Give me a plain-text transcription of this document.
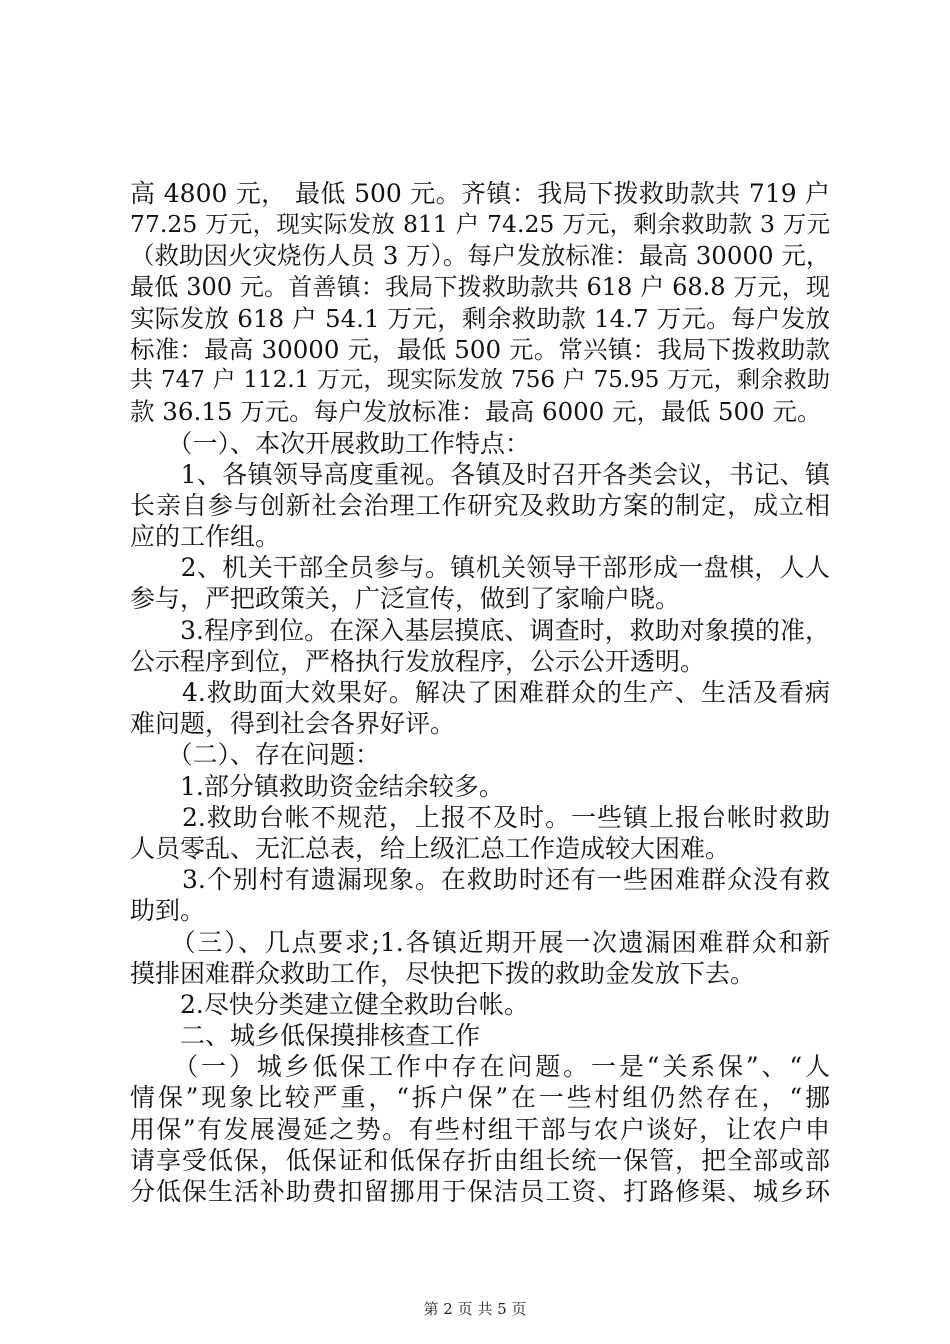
高 4800 元， 最低 500 元。齐镇：我局下拨救助款共 719 户
77.25 万元，现实际发放 811 户 74.25 万元，剩余救助款 3 万元
（救助因火灾烧伤人员 3 万）。每户发放标准：最高 30000 元，
最低 300 元。首善镇：我局下拨救助款共 618 户 68.8 万元，现
实际发放 618 户 54.1 万元，剩余救助款 14.7 万元。每户发放
标准：最高 30000 元，最低 500 元。常兴镇：我局下拨救助款
共 747 户 112.1 万元，现实际发放 756 户 75.95 万元，剩余救助
款 36.15 万元。每户发放标准：最高 6000 元，最低 500 元。
　　（一）、本次开展救助工作特点：
　　1、各镇领导高度重视。各镇及时召开各类会议，书记、镇
长亲自参与创新社会治理工作研究及救助方案的制定，成立相
应的工作组。
　　2、机关干部全员参与。镇机关领导干部形成一盘棋，人人
参与，严把政策关，广泛宣传，做到了家喻户晓。
　　3.程序到位。在深入基层摸底、调查时，救助对象摸的准，
公示程序到位，严格执行发放程序，公示公开透明。
　　4.救助面大效果好。解决了困难群众的生产、生活及看病
难问题，得到社会各界好评。
　　（二）、存在问题：
　　1.部分镇救助资金结余较多。
　　2.救助台帐不规范，上报不及时。一些镇上报台帐时救助
人员零乱、无汇总表，给上级汇总工作造成较大困难。
　　3.个别村有遗漏现象。在救助时还有一些困难群众没有救
助到。
　　（三）、几点要求;1.各镇近期开展一次遗漏困难群众和新
摸排困难群众救助工作，尽快把下拨的救助金发放下去。
　　2.尽快分类建立健全救助台帐。
　　二、城乡低保摸排核查工作
　　（一）城乡低保工作中存在问题。一是“关系保”、“人
情保”现象比较严重，“拆户保”在一些村组仍然存在，“挪
用保”有发展漫延之势。有些村组干部与农户谈好，让农户申
请享受低保，低保证和低保存折由组长统一保管，把全部或部
分低保生活补助费扣留挪用于保洁员工资、打路修渠、城乡环
第 2 页 共 5 页
